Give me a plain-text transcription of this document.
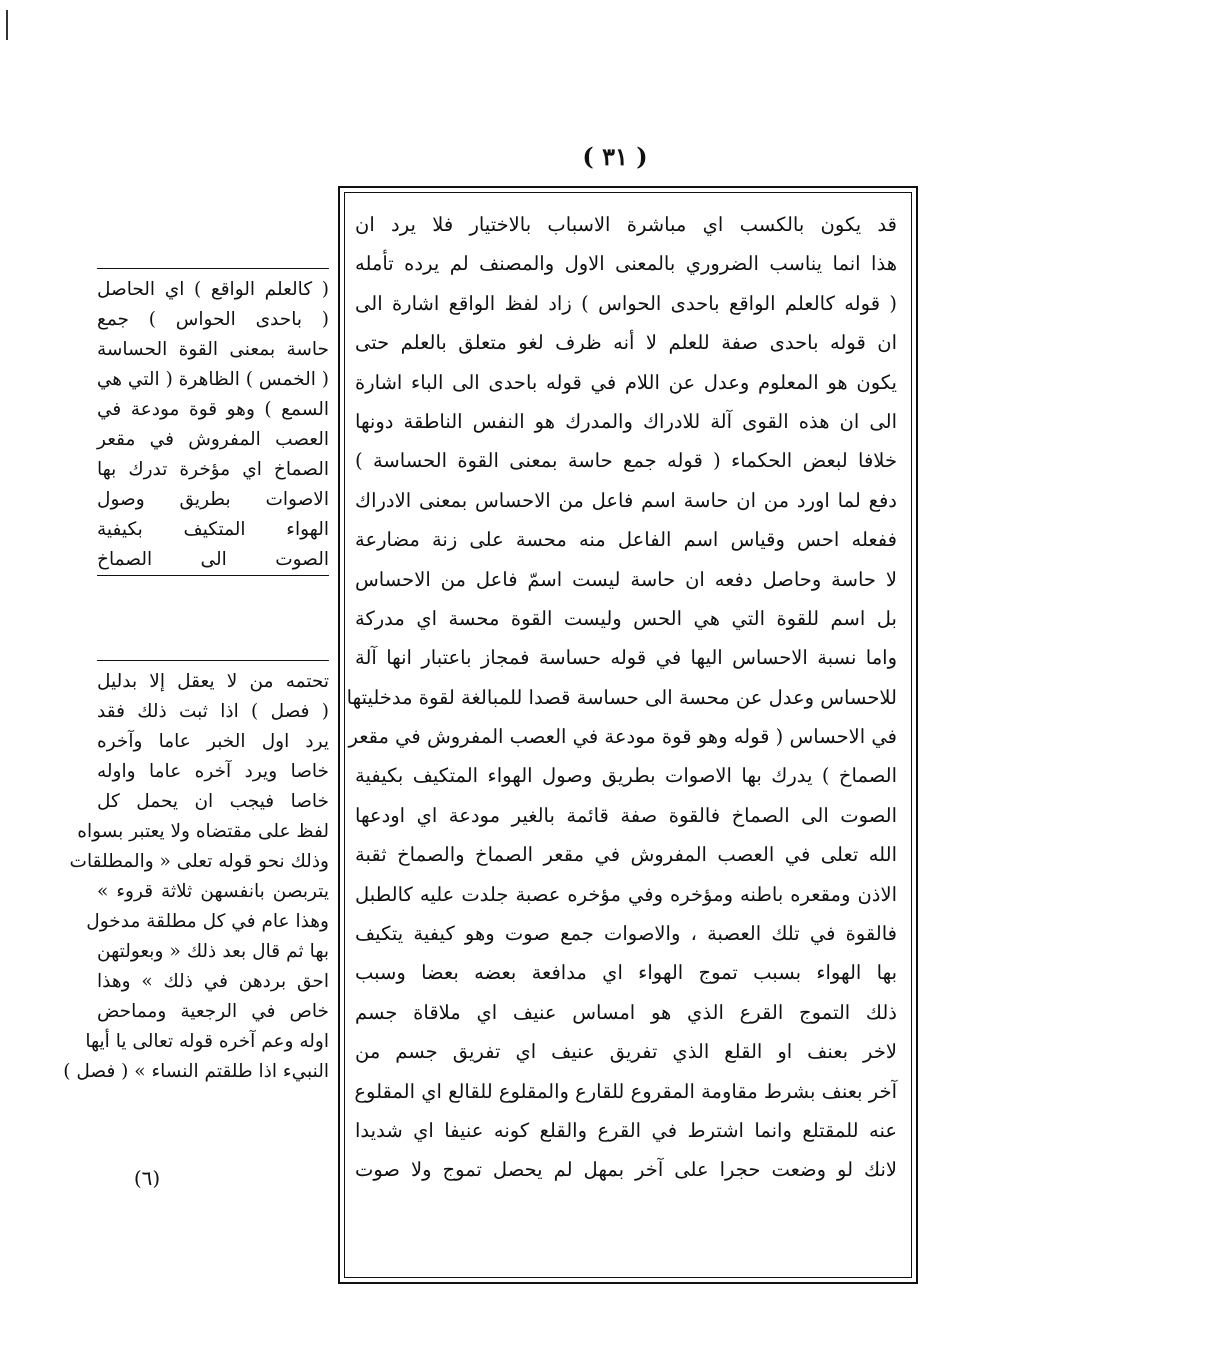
( ٣١ )
قد يكون بالكسب اي مباشرة الاسباب بالاختيار فلا يرد ان
هذا انما يناسب الضروري بالمعنى الاول والمصنف لم يرده تأمله
( قوله كالعلم الواقع باحدى الحواس ) زاد لفظ الواقع اشارة الى
ان قوله باحدى صفة للعلم لا أنه ظرف لغو متعلق بالعلم حتى
يكون هو المعلوم وعدل عن اللام في قوله باحدى الى الباء اشارة
الى ان هذه القوى آلة للادراك والمدرك هو النفس الناطقة دونها
خلافا لبعض الحكماء ( قوله جمع حاسة بمعنى القوة الحساسة )
دفع لما اورد من ان حاسة اسم فاعل من الاحساس بمعنى الادراك
ففعله احس وقياس اسم الفاعل منه محسة على زنة مضارعة
لا حاسة وحاصل دفعه ان حاسة ليست اسمّ فاعل من الاحساس
بل اسم للقوة التي هي الحس وليست القوة محسة اي مدركة
واما نسبة الاحساس اليها في قوله حساسة فمجاز باعتبار انها آلة
للاحساس وعدل عن محسة الى حساسة قصدا للمبالغة لقوة مدخليتها
في الاحساس ( قوله وهو قوة مودعة في العصب المفروش في مقعر
الصماخ ) يدرك بها الاصوات بطريق وصول الهواء المتكيف بكيفية
الصوت الى الصماخ فالقوة صفة قائمة بالغير مودعة اي اودعها
الله تعلى في العصب المفروش في مقعر الصماخ والصماخ ثقبة
الاذن ومقعره باطنه ومؤخره وفي مؤخره عصبة جلدت عليه كالطبل
فالقوة في تلك العصبة ، والاصوات جمع صوت وهو كيفية يتكيف
بها الهواء بسبب تموج الهواء اي مدافعة بعضه بعضا وسبب
ذلك التموج القرع الذي هو امساس عنيف اي ملاقاة جسم
لاخر بعنف او القلع الذي تفريق عنيف اي تفريق جسم من
آخر بعنف بشرط مقاومة المقروع للقارع والمقلوع للقالع اي المقلوع
عنه للمقتلع وانما اشترط في القرع والقلع كونه عنيفا اي شديدا
لانك لو وضعت حجرا على آخر بمهل لم يحصل تموج ولا صوت
( كالعلم الواقع ) اي الحاصل
( باحدى الحواس ) جمع
حاسة بمعنى القوة الحساسة
( الخمس ) الظاهرة ( التي هي
السمع ) وهو قوة مودعة في
العصب المفروش في مقعر
الصماخ اي مؤخرة تدرك بها
الاصوات بطريق وصول
الهواء المتكيف بكيفية
الصوت الى الصماخ
تحتمه من لا يعقل إلا بدليل
( فصل ) اذا ثبت ذلك فقد
يرد اول الخبر عاما وآخره
خاصا ويرد آخره عاما واوله
خاصا فيجب ان يحمل كل
لفظ على مقتضاه ولا يعتبر بسواه
وذلك نحو قوله تعلى « والمطلقات
يتربصن بانفسهن ثلاثة قروء »
وهذا عام في كل مطلقة مدخول
بها ثم قال بعد ذلك « وبعولتهن
احق بردهن في ذلك » وهذا
خاص في الرجعية ومماحض
اوله وعم آخره قوله تعالى يا أيها
النبيء اذا طلقتم النساء » ( فصل )
(٦)
